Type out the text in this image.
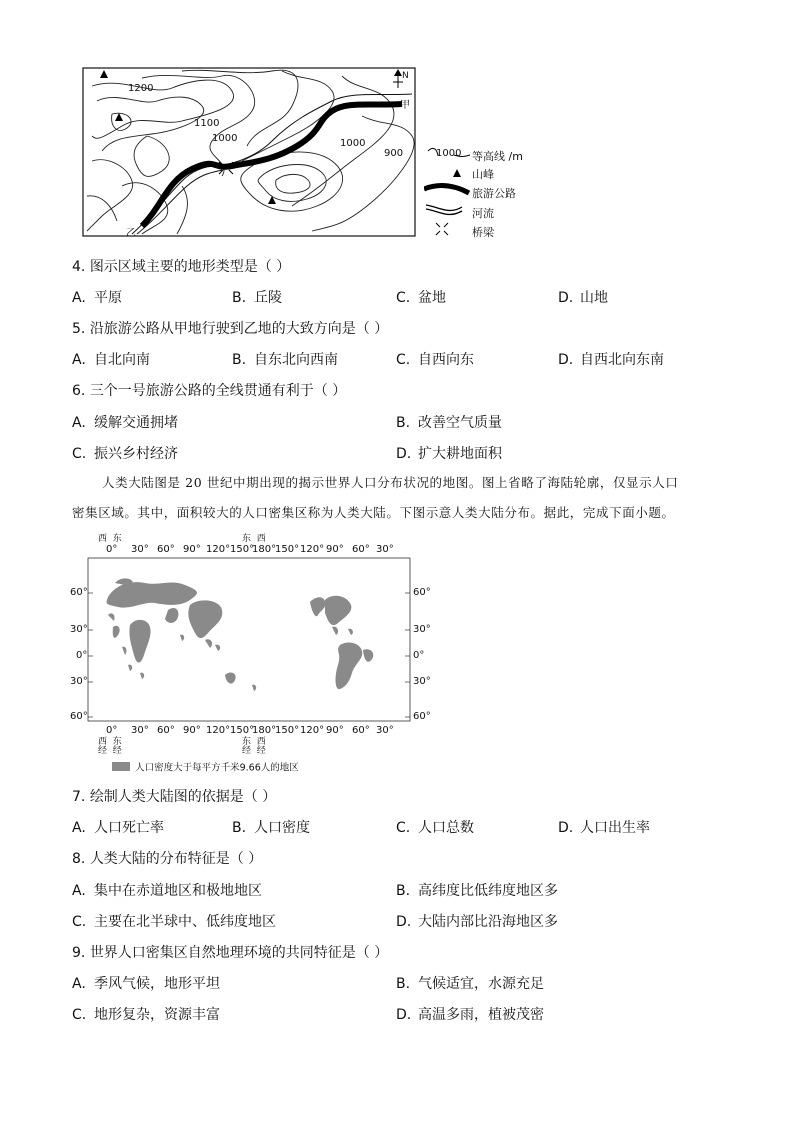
1200
1100
1000	1000
900
N
甲
乙
1000 等高线 /m
山峰
旅游公路
河流
桥梁
4. 图示区域主要的地形类型是（ ）
A. 平原	B. 丘陵	C. 盆地	D. 山地
5. 沿旅游公路从甲地行驶到乙地的大致方向是（ ）
A. 自北向南	B. 自东北向西南	C. 自西向东	D. 自西北向东南
6. 三个一号旅游公路的全线贯通有利于（ ）
A. 缓解交通拥堵	B. 改善空气质量
C. 振兴乡村经济	D. 扩大耕地面积
人类大陆图是 20 世纪中期出现的揭示世界人口分布状况的地图。图上省略了海陆轮廓，仅显示人口
密集区域。其中，面积较大的人口密集区称为人类大陆。下图示意人类大陆分布。据此，完成下面小题。
西  东	东  西
0° 30° 60° 90° 120° 150°
180°
150° 120° 90° 60° 30°
60°
30°
0°
30°
60°
60°
30°
0°
30°
60°
0° 30° 60° 90° 120° 150°
180°
150° 120° 90° 60° 30°
西  东
经  经
东  西
经  经
人口密度大于每平方千米9.66人的地区
7. 绘制人类大陆图的依据是（ ）
A. 人口死亡率	B. 人口密度	C. 人口总数	D. 人口出生率
8. 人类大陆的分布特征是（ ）
A. 集中在赤道地区和极地地区	B. 高纬度比低纬度地区多
C. 主要在北半球中、低纬度地区	D. 大陆内部比沿海地区多
9. 世界人口密集区自然地理环境的共同特征是（ ）
A. 季风气候，地形平坦	B. 气候适宜，水源充足
C. 地形复杂，资源丰富	D. 高温多雨，植被茂密
